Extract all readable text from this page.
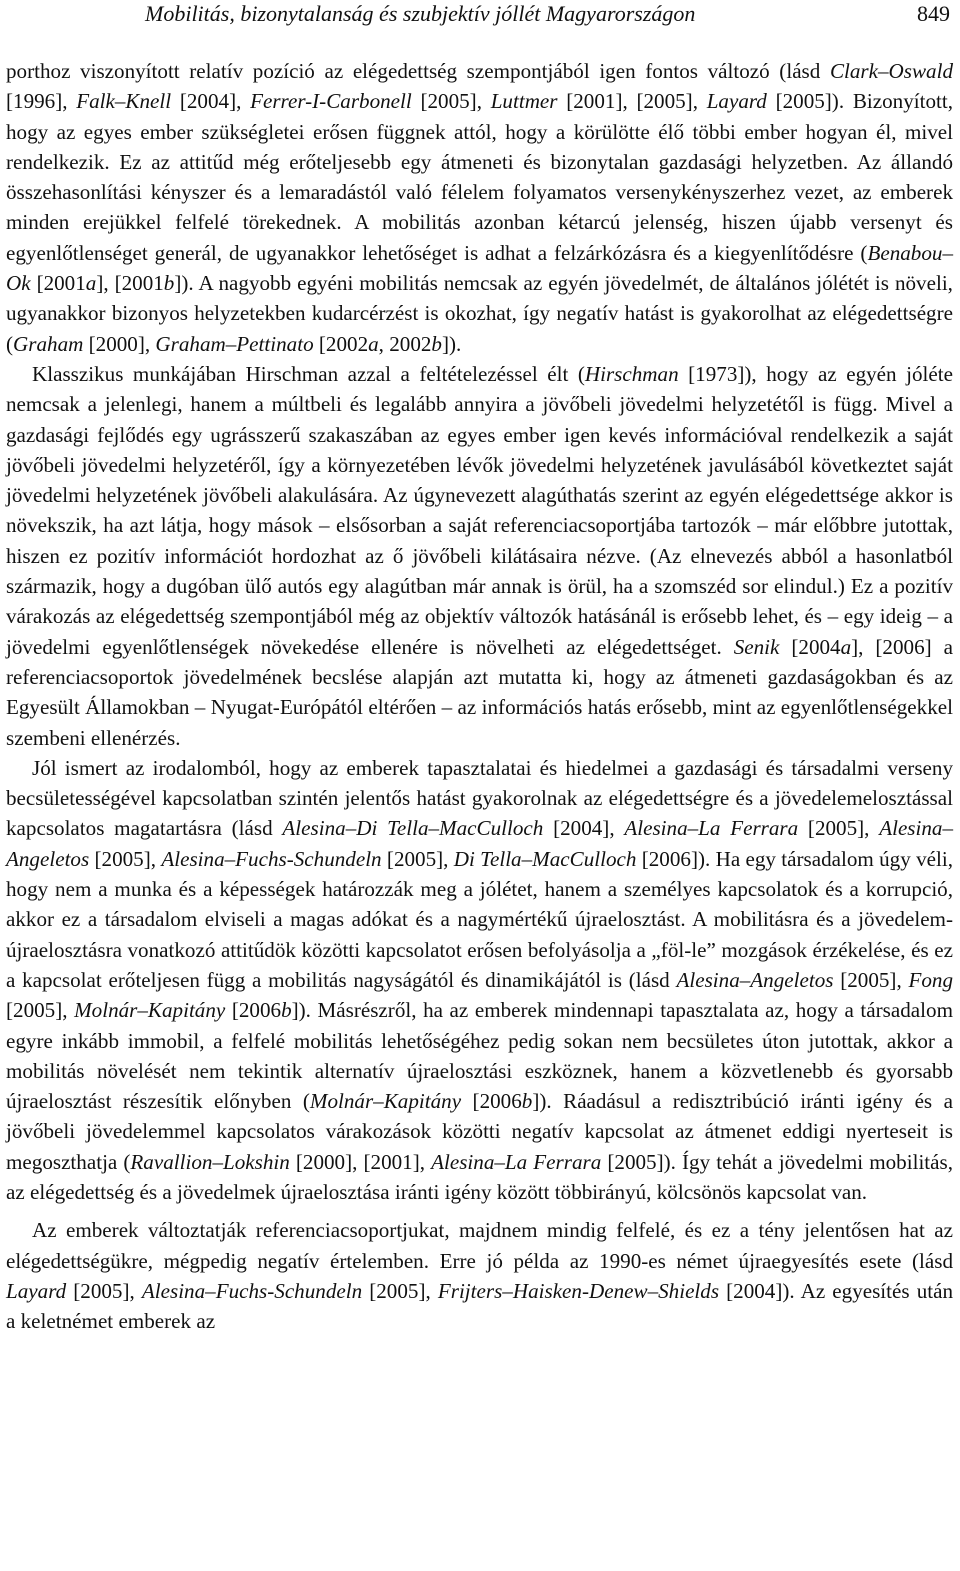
Mobilitás, bizonytalanság és szubjektív jóllét Magyarországon	849

porthoz viszonyított relatív pozíció az elégedettség szempontjából igen fontos változó (lásd Clark–Oswald [1996], Falk–Knell [2004], Ferrer-I-Carbonell [2005], Luttmer [2001], [2005], Layard [2005]). Bizonyított, hogy az egyes ember szükségletei erősen függnek attól, hogy a körülötte élő többi ember hogyan él, mivel rendelkezik. Ez az attitűd még erőteljesebb egy átmeneti és bizonytalan gazdasági helyzetben. Az állandó összehasonlítási kényszer és a lemaradástól való félelem folyamatos versenykényszerhez vezet, az emberek minden erejükkel felfelé törekednek. A mobilitás azonban kétarcú jelenség, hiszen újabb versenyt és egyenlőtlenséget generál, de ugyanakkor lehetőséget is adhat a felzárkózásra és a kiegyenlítődésre (Benabou–Ok [2001a], [2001b]). A nagyobb egyéni mobilitás nemcsak az egyén jövedelmét, de általános jólétét is növeli, ugyanakkor bizonyos helyzetekben kudarcérzést is okozhat, így negatív hatást is gyakorolhat az elégedettségre (Graham [2000], Graham–Pettinato [2002a, 2002b]).

Klasszikus munkájában Hirschman azzal a feltételezéssel élt (Hirschman [1973]), hogy az egyén jóléte nemcsak a jelenlegi, hanem a múltbeli és legalább annyira a jövőbeli jövedelmi helyzetétől is függ. Mivel a gazdasági fejlődés egy ugrásszerű szakaszában az egyes ember igen kevés információval rendelkezik a saját jövőbeli jövedelmi helyzetéről, így a környezetében lévők jövedelmi helyzetének javulásából következtet saját jövedelmi helyzetének jövőbeli alakulására. Az úgynevezett alagúthatás szerint az egyén elégedettsége akkor is növekszik, ha azt látja, hogy mások – elsősorban a saját referenciacsoportjába tartozók – már előbbre jutottak, hiszen ez pozitív információt hordozhat az ő jövőbeli kilátásaira nézve. (Az elnevezés abból a hasonlatból származik, hogy a dugóban ülő autós egy alagútban már annak is örül, ha a szomszéd sor elindul.) Ez a pozitív várakozás az elégedettség szempontjából még az objektív változók hatásánál is erősebb lehet, és – egy ideig – a jövedelmi egyenlőtlenségek növekedése ellenére is növelheti az elégedettséget. Senik [2004a], [2006] a referenciacsoportok jövedelmének becslése alapján azt mutatta ki, hogy az átmeneti gazdaságokban és az Egyesült Államokban – Nyugat-Európától eltérően – az információs hatás erősebb, mint az egyenlőtlenségekkel szembeni ellenérzés.

Jól ismert az irodalomból, hogy az emberek tapasztalatai és hiedelmei a gazdasági és társadalmi verseny becsületességével kapcsolatban szintén jelentős hatást gyakorolnak az elégedettségre és a jövedelemelosztással kapcsolatos magatartásra (lásd Alesina–Di Tella–MacCulloch [2004], Alesina–La Ferrara [2005], Alesina–Angeletos [2005], Alesina–Fuchs-Schundeln [2005], Di Tella–MacCulloch [2006]). Ha egy társadalom úgy véli, hogy nem a munka és a képességek határozzák meg a jólétet, hanem a személyes kapcsolatok és a korrupció, akkor ez a társadalom elviseli a magas adókat és a nagymértékű újraelosztást. A mobilitásra és a jövedelem-újraelosztásra vonatkozó attitűdök közötti kapcsolatot erősen befolyásolja a „föl-le” mozgások érzékelése, és ez a kapcsolat erőteljesen függ a mobilitás nagyságától és dinamikájától is (lásd Alesina–Angeletos [2005], Fong [2005], Molnár–Kapitány [2006b]). Másrészről, ha az emberek mindennapi tapasztalata az, hogy a társadalom egyre inkább immobil, a felfelé mobilitás lehetőségéhez pedig sokan nem becsületes úton jutottak, akkor a mobilitás növelését nem tekintik alternatív újraelosztási eszköznek, hanem a közvetlenebb és gyorsabb újraelosztást részesítik előnyben (Molnár–Kapitány [2006b]). Ráadásul a redisztribúció iránti igény és a jövőbeli jövedelemmel kapcsolatos várakozások közötti negatív kapcsolat az átmenet eddigi nyerteseit is megoszthatja (Ravallion–Lokshin [2000], [2001], Alesina–La Ferrara [2005]). Így tehát a jövedelmi mobilitás, az elégedettség és a jövedelmek újraelosztása iránti igény között többirányú, kölcsönös kapcsolat van.

Az emberek változtatják referenciacsoportjukat, majdnem mindig felfelé, és ez a tény jelentősen hat az elégedettségükre, mégpedig negatív értelemben. Erre jó példa az 1990-es német újraegyesítés esete (lásd Layard [2005], Alesina–Fuchs-Schundeln [2005], Frijters–Haisken-Denew–Shields [2004]). Az egyesítés után a keletnémet emberek az
